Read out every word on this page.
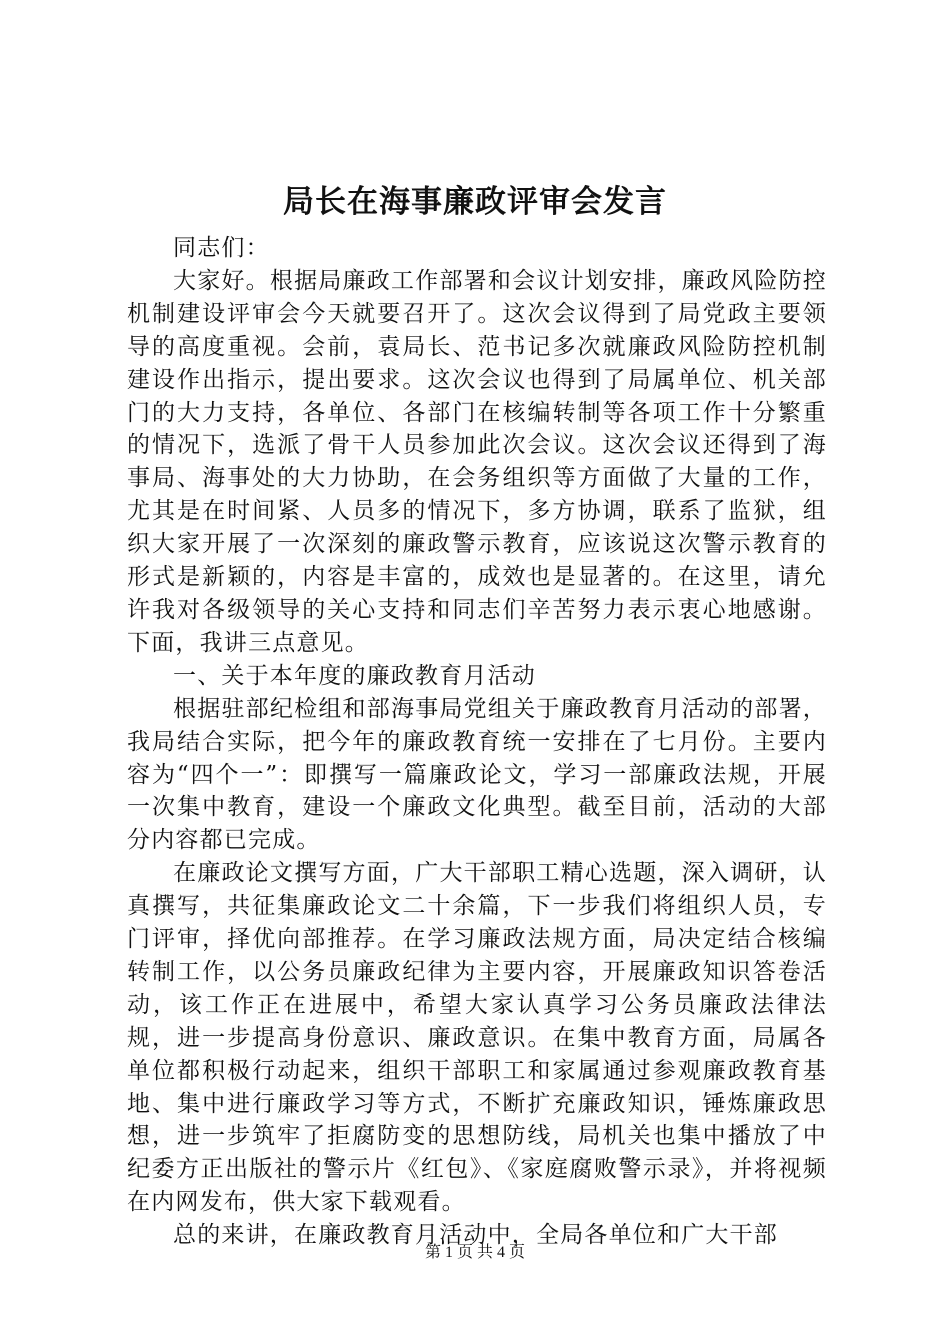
局长在海事廉政评审会发言

同志们：

大家好。根据局廉政工作部署和会议计划安排，廉政风险防控机制建设评审会今天就要召开了。这次会议得到了局党政主要领导的高度重视。会前，袁局长、范书记多次就廉政风险防控机制建设作出指示，提出要求。这次会议也得到了局属单位、机关部门的大力支持，各单位、各部门在核编转制等各项工作十分繁重的情况下，选派了骨干人员参加此次会议。这次会议还得到了海事局、海事处的大力协助，在会务组织等方面做了大量的工作，尤其是在时间紧、人员多的情况下，多方协调，联系了监狱，组织大家开展了一次深刻的廉政警示教育，应该说这次警示教育的形式是新颖的，内容是丰富的，成效也是显著的。在这里，请允许我对各级领导的关心支持和同志们辛苦努力表示衷心地感谢。下面，我讲三点意见。

一、关于本年度的廉政教育月活动

根据驻部纪检组和部海事局党组关于廉政教育月活动的部署，我局结合实际，把今年的廉政教育统一安排在了七月份。主要内容为“四个一”：即撰写一篇廉政论文，学习一部廉政法规，开展一次集中教育，建设一个廉政文化典型。截至目前，活动的大部分内容都已完成。

在廉政论文撰写方面，广大干部职工精心选题，深入调研，认真撰写，共征集廉政论文二十余篇，下一步我们将组织人员，专门评审，择优向部推荐。在学习廉政法规方面，局决定结合核编转制工作，以公务员廉政纪律为主要内容，开展廉政知识答卷活动，该工作正在进展中，希望大家认真学习公务员廉政法律法规，进一步提高身份意识、廉政意识。在集中教育方面，局属各单位都积极行动起来，组织干部职工和家属通过参观廉政教育基地、集中进行廉政学习等方式，不断扩充廉政知识，锤炼廉政思想，进一步筑牢了拒腐防变的思想防线，局机关也集中播放了中纪委方正出版社的警示片《红包》、《家庭腐败警示录》，并将视频在内网发布，供大家下载观看。

总的来讲，在廉政教育月活动中，全局各单位和广大干部

第 1 页 共 4 页
